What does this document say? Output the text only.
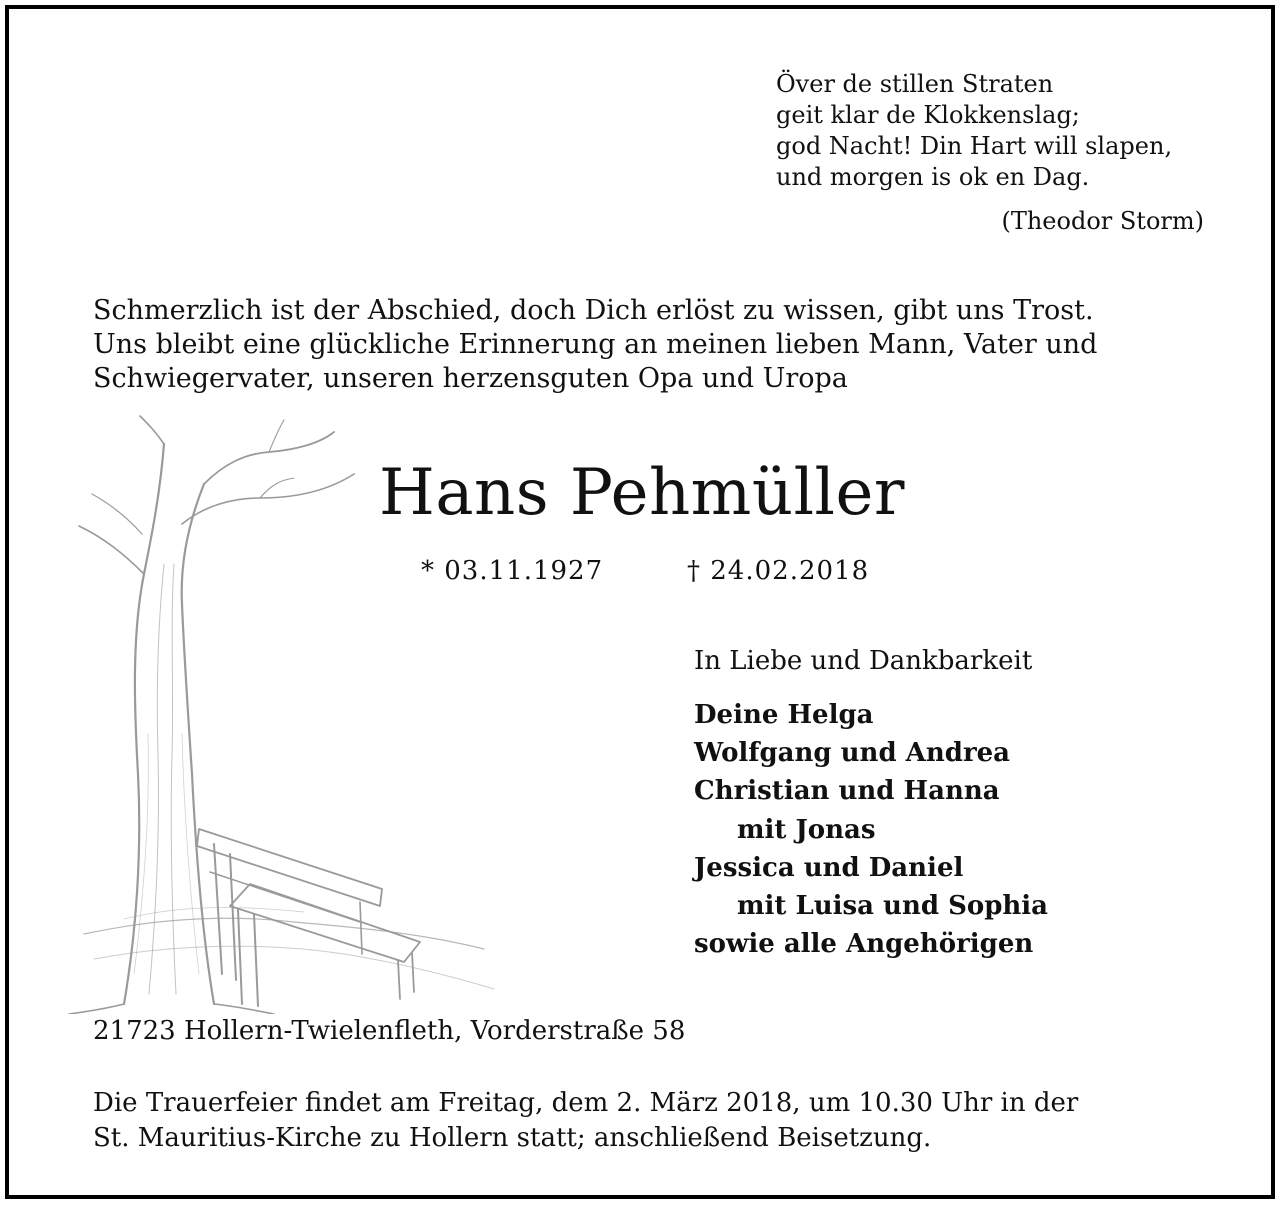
Över de stillen Straten
geit klar de Klokkenslag;
god Nacht! Din Hart will slapen,
und morgen is ok en Dag.
(Theodor Storm)
Schmerzlich ist der Abschied, doch Dich erlöst zu wissen, gibt uns Trost.
Uns bleibt eine glückliche Erinnerung an meinen lieben Mann, Vater und
Schwiegervater, unseren herzensguten Opa und Uropa
Hans Pehmüller
* 03.11.1927	† 24.02.2018
In Liebe und Dankbarkeit
Deine Helga
Wolfgang und Andrea
Christian und Hanna
mit Jonas
Jessica und Daniel
mit Luisa und Sophia
sowie alle Angehörigen
21723 Hollern-Twielenfleth, Vorderstraße 58
Die Trauerfeier findet am Freitag, dem 2. März 2018, um 10.30 Uhr in der
St. Mauritius-Kirche zu Hollern statt; anschließend Beisetzung.
